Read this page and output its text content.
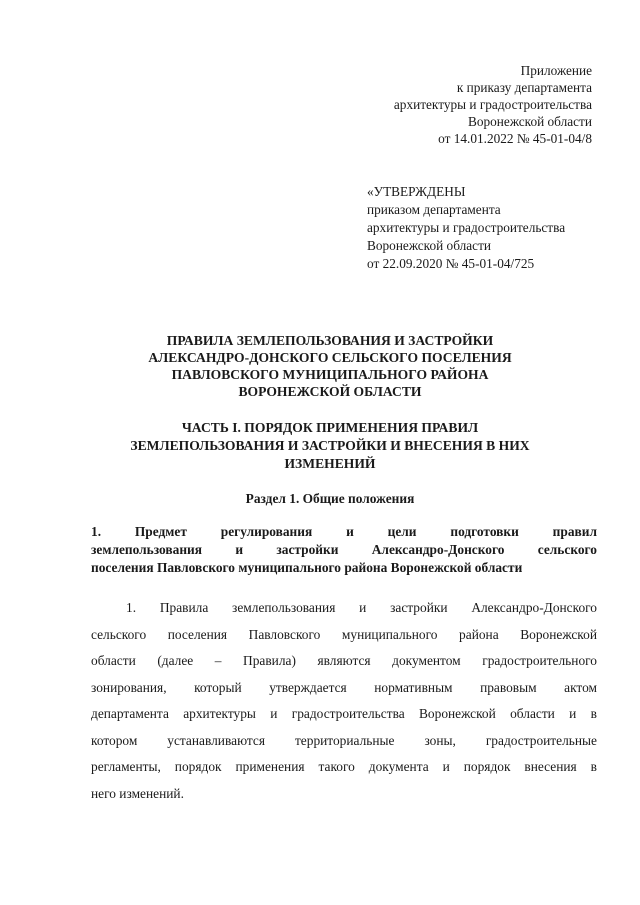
Приложение
к приказу департамента
архитектуры и градостроительства
Воронежской области
от 14.01.2022 № 45-01-04/8
«УТВЕРЖДЕНЫ
приказом департамента
архитектуры и градостроительства
Воронежской области
от 22.09.2020 № 45-01-04/725
ПРАВИЛА ЗЕМЛЕПОЛЬЗОВАНИЯ И ЗАСТРОЙКИ
АЛЕКСАНДРО-ДОНСКОГО СЕЛЬСКОГО ПОСЕЛЕНИЯ
ПАВЛОВСКОГО МУНИЦИПАЛЬНОГО РАЙОНА
ВОРОНЕЖСКОЙ ОБЛАСТИ
ЧАСТЬ I. ПОРЯДОК ПРИМЕНЕНИЯ ПРАВИЛ
ЗЕМЛЕПОЛЬЗОВАНИЯ И ЗАСТРОЙКИ И ВНЕСЕНИЯ В НИХ
ИЗМЕНЕНИЙ
Раздел 1. Общие положения
1. Предмет регулирования и цели подготовки правил
землепользования и застройки Александро-Донского сельского
поселения Павловского муниципального района Воронежской области
1. Правила землепользования и застройки Александро-Донского
сельского поселения Павловского муниципального района Воронежской
области (далее – Правила) являются документом градостроительного
зонирования, который утверждается нормативным правовым актом
департамента архитектуры и градостроительства Воронежской области и в
котором устанавливаются территориальные зоны, градостроительные
регламенты, порядок применения такого документа и порядок внесения в
него изменений.
